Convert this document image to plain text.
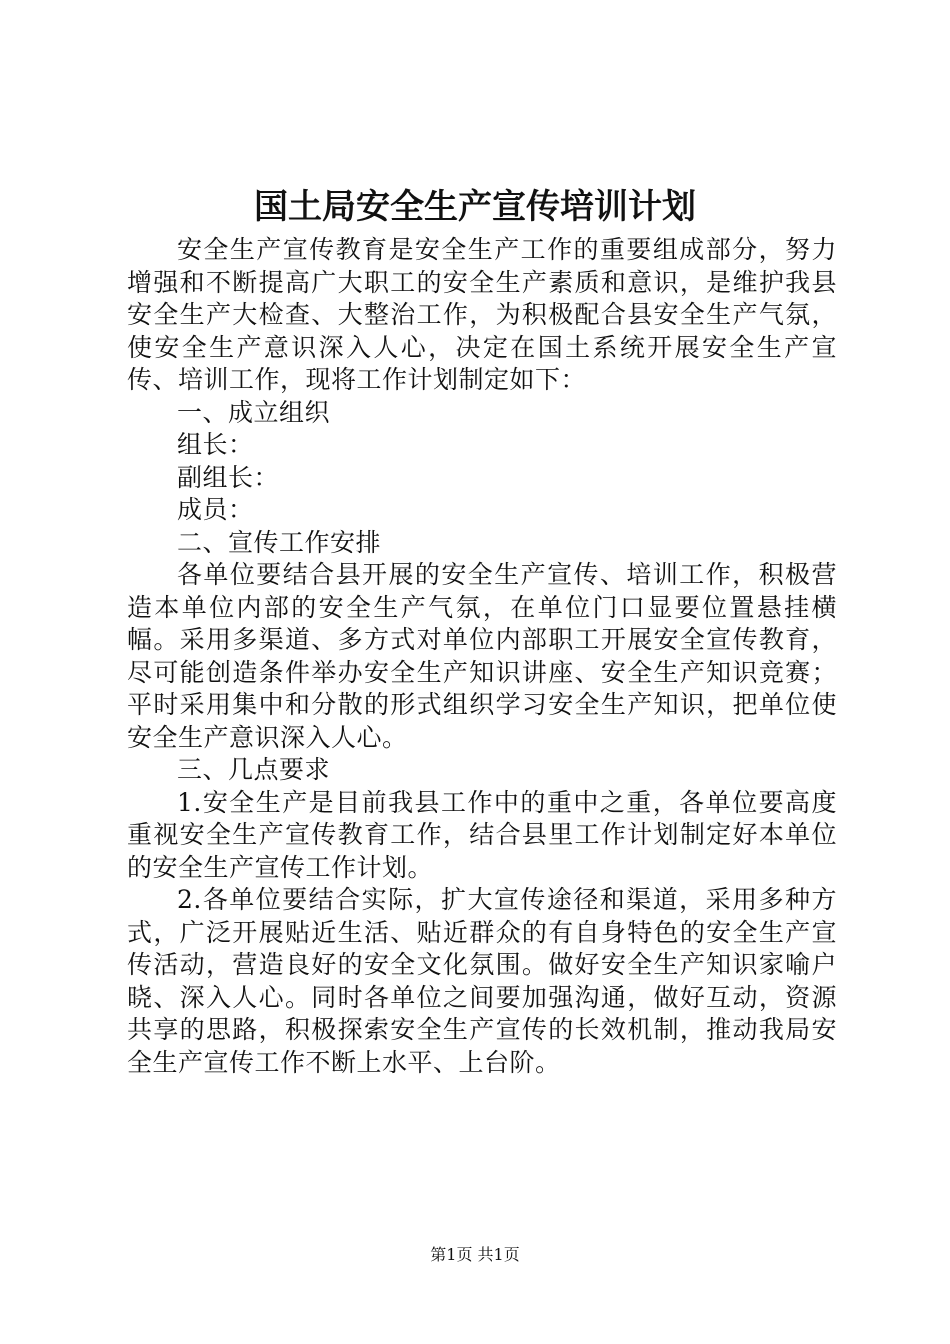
国土局安全生产宣传培训计划

安全生产宣传教育是安全生产工作的重要组成部分，努力增强和不断提高广大职工的安全生产素质和意识，是维护我县安全生产大检查、大整治工作，为积极配合县安全生产气氛，使安全生产意识深入人心，决定在国土系统开展安全生产宣传、培训工作，现将工作计划制定如下：

一、成立组织

组长：

副组长：

成员：

二、宣传工作安排

各单位要结合县开展的安全生产宣传、培训工作，积极营造本单位内部的安全生产气氛，在单位门口显要位置悬挂横幅。采用多渠道、多方式对单位内部职工开展安全宣传教育，尽可能创造条件举办安全生产知识讲座、安全生产知识竞赛；平时采用集中和分散的形式组织学习安全生产知识，把单位使安全生产意识深入人心。

三、几点要求

1.安全生产是目前我县工作中的重中之重，各单位要高度重视安全生产宣传教育工作，结合县里工作计划制定好本单位的安全生产宣传工作计划。

2.各单位要结合实际，扩大宣传途径和渠道，采用多种方式，广泛开展贴近生活、贴近群众的有自身特色的安全生产宣传活动，营造良好的安全文化氛围。做好安全生产知识家喻户晓、深入人心。同时各单位之间要加强沟通，做好互动，资源共享的思路，积极探索安全生产宣传的长效机制，推动我局安全生产宣传工作不断上水平、上台阶。

第1页 共1页
